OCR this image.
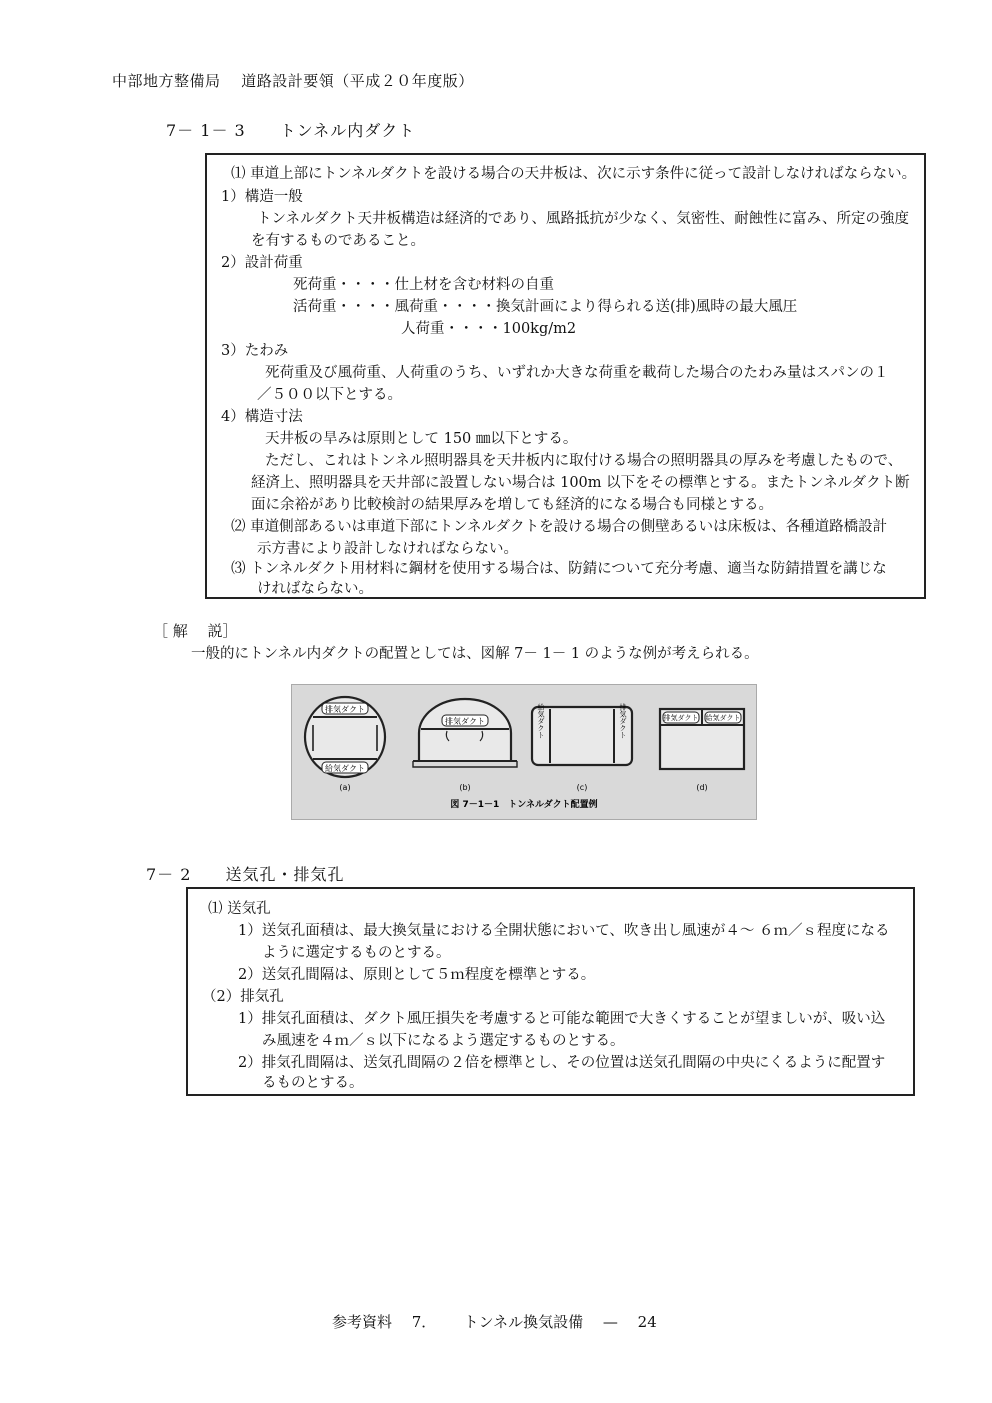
中部地方整備局　 道路設計要領（平成２０年度版）
7－ 1－ 3　　トンネル内ダクト
⑴ 車道上部にトンネルダクトを設ける場合の天井板は、次に示す条件に従って設計しなければならない。
1）構造一般
トンネルダクト天井板構造は経済的であり、風路抵抗が少なく、気密性、耐蝕性に富み、所定の強度
を有するものであること。
2）設計荷重
死荷重・・・・仕上材を含む材料の自重
活荷重・・・・風荷重・・・・換気計画により得られる送(排)風時の最大風圧
人荷重・・・・100kg/m2
3）たわみ
死荷重及び風荷重、人荷重のうち、いずれか大きな荷重を載荷した場合のたわみ量はスパンの１
／５００以下とする。
4）構造寸法
天井板の旱みは原則として 150 ㎜以下とする。
ただし、これはトンネル照明器具を天井板内に取付ける場合の照明器具の厚みを考慮したもので、
経済上、照明器具を天井部に設置しない場合は 100m 以下をその標準とする。またトンネルダクト断
面に余裕があり比較検討の結果厚みを増しても経済的になる場合も同様とする。
⑵ 車道側部あるいは車道下部にトンネルダクトを設ける場合の側壁あるいは床板は、各種道路橋設計
示方書により設計しなければならない。
⑶ トンネルダクト用材料に鋼材を使用する場合は、防錆について充分考慮、適当な防錆措置を講じな
ければならない。
［ 解　 説］
一般的にトンネル内ダクトの配置としては、図解 7－ 1－ 1 のような例が考えられる。
排気ダクト
給気ダクト
(a)
排気ダクト
(b)
給気ダクト	排気ダクト
(c)
排気ダクト 給気ダクト
(d)
図 7－1－1　トンネルダクト配置例
7－ 2　　送気孔・排気孔
⑴ 送気孔
1）送気孔面積は、最大換気量における全開状態において、吹き出し風速が４～ ６ｍ／ｓ程度になる
ように選定するものとする。
2）送気孔間隔は、原則として５ｍ程度を標準とする。
（2）排気孔
1）排気孔面積は、ダクト風圧損失を考慮すると可能な範囲で大きくすることが望ましいが、吸い込
み風速を４ｍ／ｓ以下になるよう選定するものとする。
2）排気孔間隔は、送気孔間隔の２倍を標準とし、その位置は送気孔間隔の中央にくるように配置す
るものとする。
参考資料　 7．　　 トンネル換気設備　 —　 24
